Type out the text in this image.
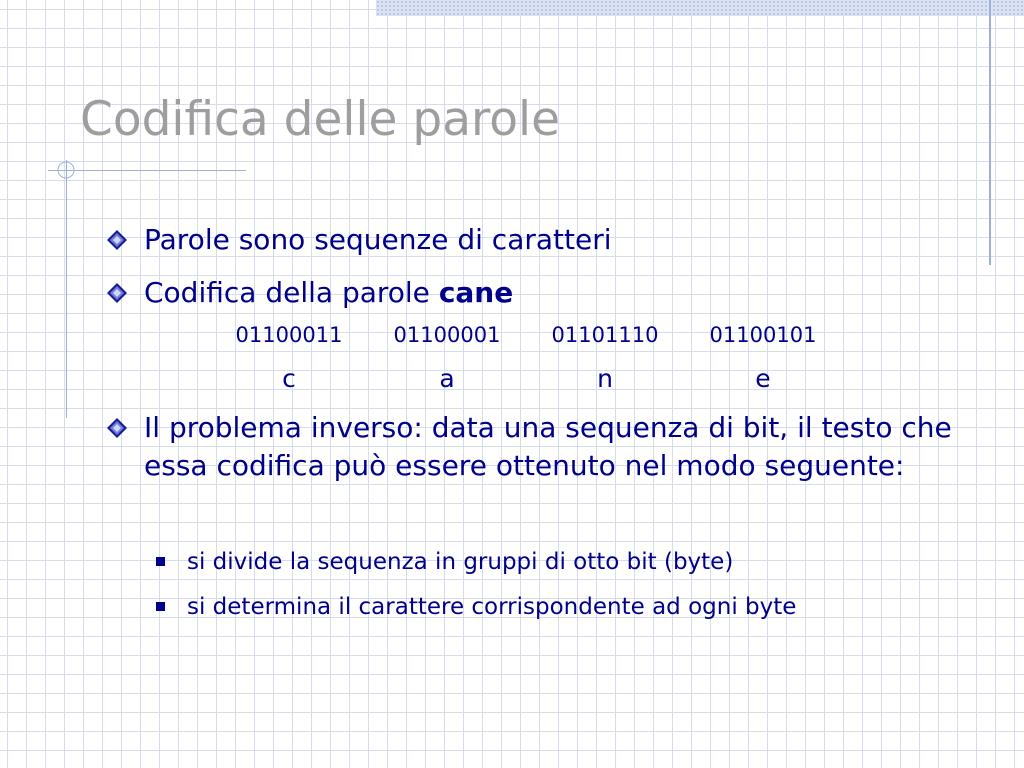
Codifica delle parole
Parole sono sequenze di caratteri
Codifica della parole cane
01100011	01100001	01101110	01100101
c	a	n	e
Il problema inverso: data una sequenza di bit, il testo che essa codifica può essere ottenuto nel modo seguente:
si divide la sequenza in gruppi di otto bit (byte)
si determina il carattere corrispondente ad ogni byte
